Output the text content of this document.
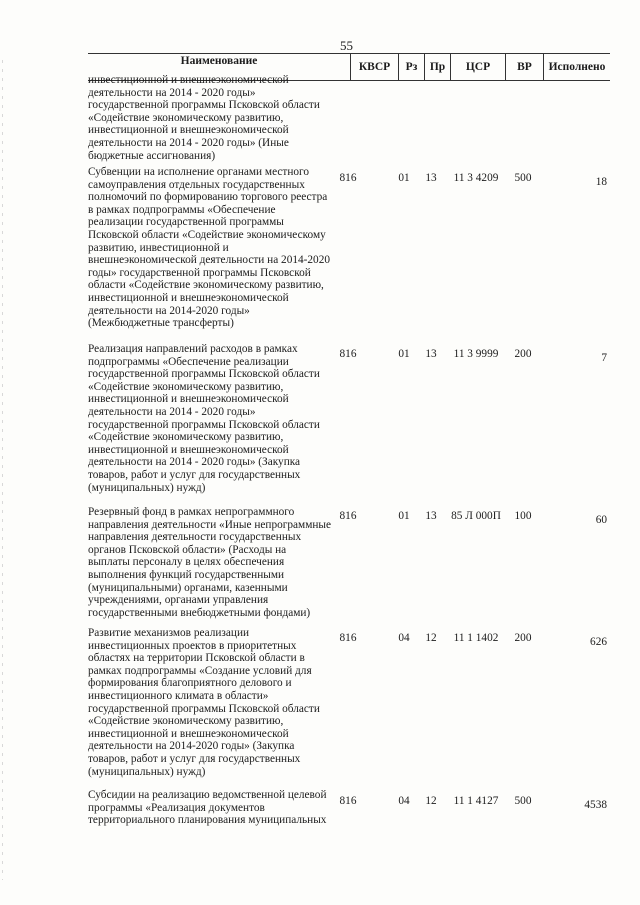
55
Наименование	КВСР	Рз	Пр	ЦСР	ВР	Исполнено
инвестиционной и внешнеэкономической
деятельности на 2014 - 2020 годы»
государственной программы Псковской области
«Содействие экономическому развитию,
инвестиционной и внешнеэкономической
деятельности на 2014 - 2020 годы» (Иные
бюджетные ассигнования)
Субвенции на исполнение органами местного
самоуправления отдельных государственных
полномочий по формированию торгового реестра
в рамках подпрограммы «Обеспечение
реализации государственной программы
Псковской области «Содействие экономическому
развитию, инвестиционной и
внешнеэкономической деятельности на 2014-2020
годы» государственной программы Псковской
области «Содействие экономическому развитию,
инвестиционной и внешнеэкономической
деятельности на 2014-2020 годы»
(Межбюджетные трансферты)
816	01	13	11 3 4209	500	18
Реализация направлений расходов в рамках
подпрограммы «Обеспечение реализации
государственной программы Псковской области
«Содействие экономическому развитию,
инвестиционной и внешнеэкономической
деятельности на 2014 - 2020 годы»
государственной программы Псковской области
«Содействие экономическому развитию,
инвестиционной и внешнеэкономической
деятельности на 2014 - 2020 годы» (Закупка
товаров, работ и услуг для государственных
(муниципальных) нужд)
816	01	13	11 3 9999	200	7
Резервный фонд в рамках непрограммного
направления деятельности «Иные непрограммные
направления деятельности государственных
органов Псковской области» (Расходы на
выплаты персоналу в целях обеспечения
выполнения функций государственными
(муниципальными) органами, казенными
учреждениями, органами управления
государственными внебюджетными фондами)
816	01	13	85 Л 000П	100	60
Развитие механизмов реализации
инвестиционных проектов в приоритетных
областях на территории Псковской области в
рамках подпрограммы «Создание условий для
формирования благоприятного делового и
инвестиционного климата в области»
государственной программы Псковской области
«Содействие экономическому развитию,
инвестиционной и внешнеэкономической
деятельности на 2014-2020 годы» (Закупка
товаров, работ и услуг для государственных
(муниципальных) нужд)
816	04	12	11 1 1402	200	626
Субсидии на реализацию ведомственной целевой
программы «Реализация документов
территориального планирования муниципальных
816	04	12	11 1 4127	500	4538
